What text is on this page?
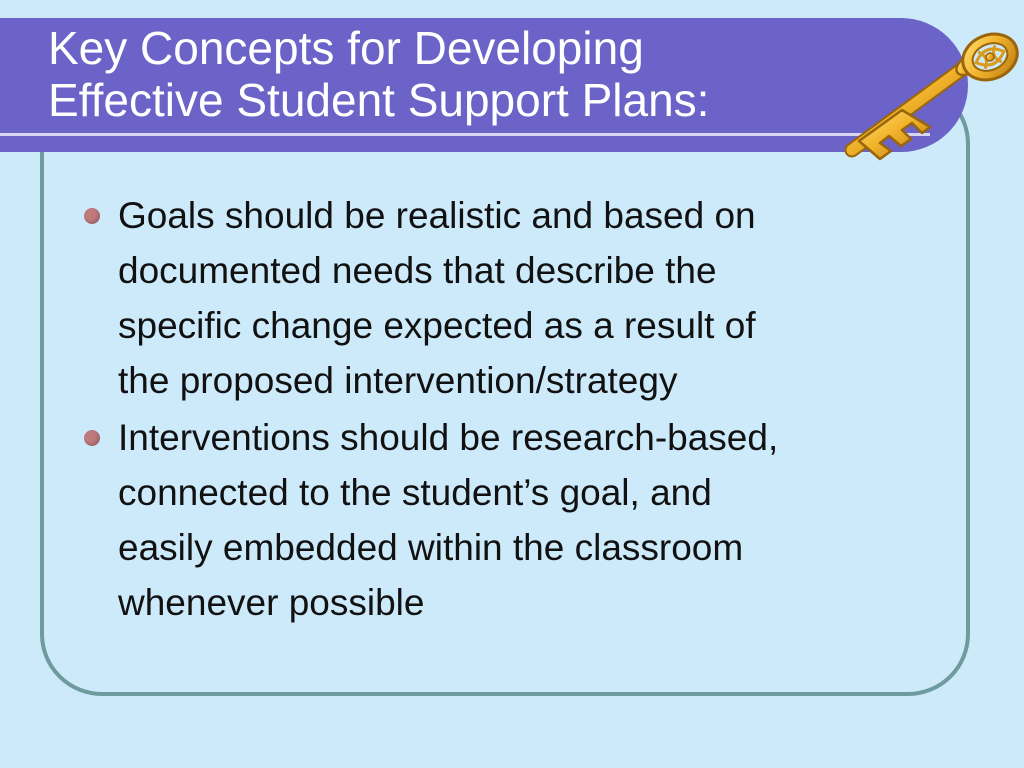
Key Concepts for Developing
Effective Student Support Plans:
Goals should be realistic and based on
documented needs that describe the
specific change expected as a result of
the proposed intervention/strategy
Interventions should be research-based,
connected to the student’s goal, and
easily embedded within the classroom
whenever possible
